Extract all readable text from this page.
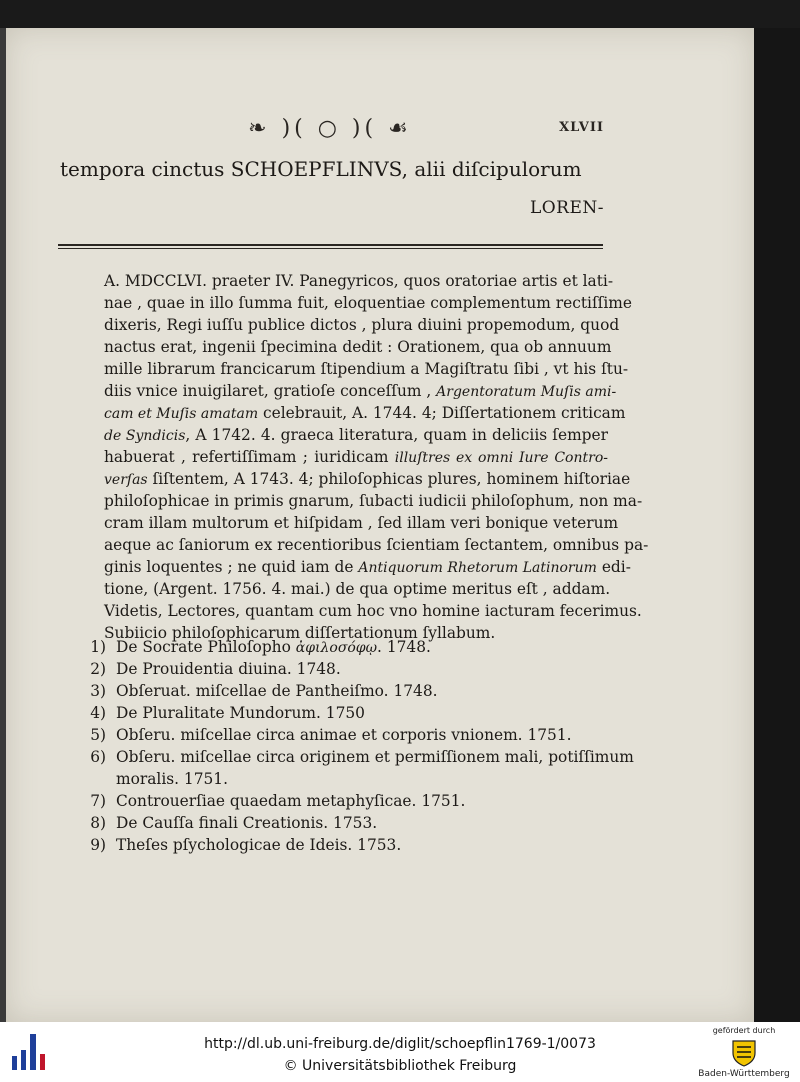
❧ )( ○ )( ☙	XLVII
tempora cinctus SCHOEPFLINVS, alii diſcipulorum
LOREN-
A. MDCCLVI. praeter IV. Panegyricos, quos oratoriae artis et lati-
nae , quae in illo ſumma fuit, eloquentiae complementum rectiſſime
dixeris, Regi iuſſu publice dictos , plura diuini propemodum, quod
nactus erat, ingenii ſpecimina dedit : Orationem, qua ob annuum
mille librarum francicarum ſtipendium a Magiſtratu ſibi , vt his ſtu-
diis vnice inuigilaret, gratioſe conceſſum , Argentoratum Muſis ami-
cam et Muſis amatam celebrauit, A. 1744. 4; Diſſertationem criticam
de Syndicis, A 1742. 4. graeca literatura, quam in deliciis ſemper
habuerat , refertiſſimam ; iuridicam illuſtres ex omni Iure Contro-
verſas ſiſtentem, A 1743. 4; philoſophicas plures, hominem hiſtoriae
philoſophicae in primis gnarum, ſubacti iudicii philoſophum, non ma-
cram illam multorum et hiſpidam , ſed illam veri bonique veterum
aeque ac ſaniorum ex recentioribus ſcientiam ſectantem, omnibus pa-
ginis loquentes ; ne quid iam de Antiquorum Rhetorum Latinorum edi-
tione, (Argent. 1756. 4. mai.) de qua optime meritus eſt , addam.
Videtis, Lectores, quantam cum hoc vno homine iacturam fecerimus.
Subiicio philoſophicarum diſſertationum ſyllabum.
1) De Socrate Philoſopho ἀφιλοσόφῳ. 1748.
2) De Prouidentia diuina. 1748.
3) Obſeruat. miſcellae de Pantheiſmo. 1748.
4) De Pluralitate Mundorum. 1750
5) Obſeru. miſcellae circa animae et corporis vnionem. 1751.
6) Obſeru. miſcellae circa originem et permiſſionem mali, potiſſimum
moralis. 1751.
7) Controuerſiae quaedam metaphyſicae. 1751.
8) De Cauſſa finali Creationis. 1753.
9) Theſes pſychologicae de Ideis. 1753.
http://dl.ub.uni-freiburg.de/diglit/schoepflin1769-1/0073
© Universitätsbibliothek Freiburg
gefördert durch
Baden-Württemberg
